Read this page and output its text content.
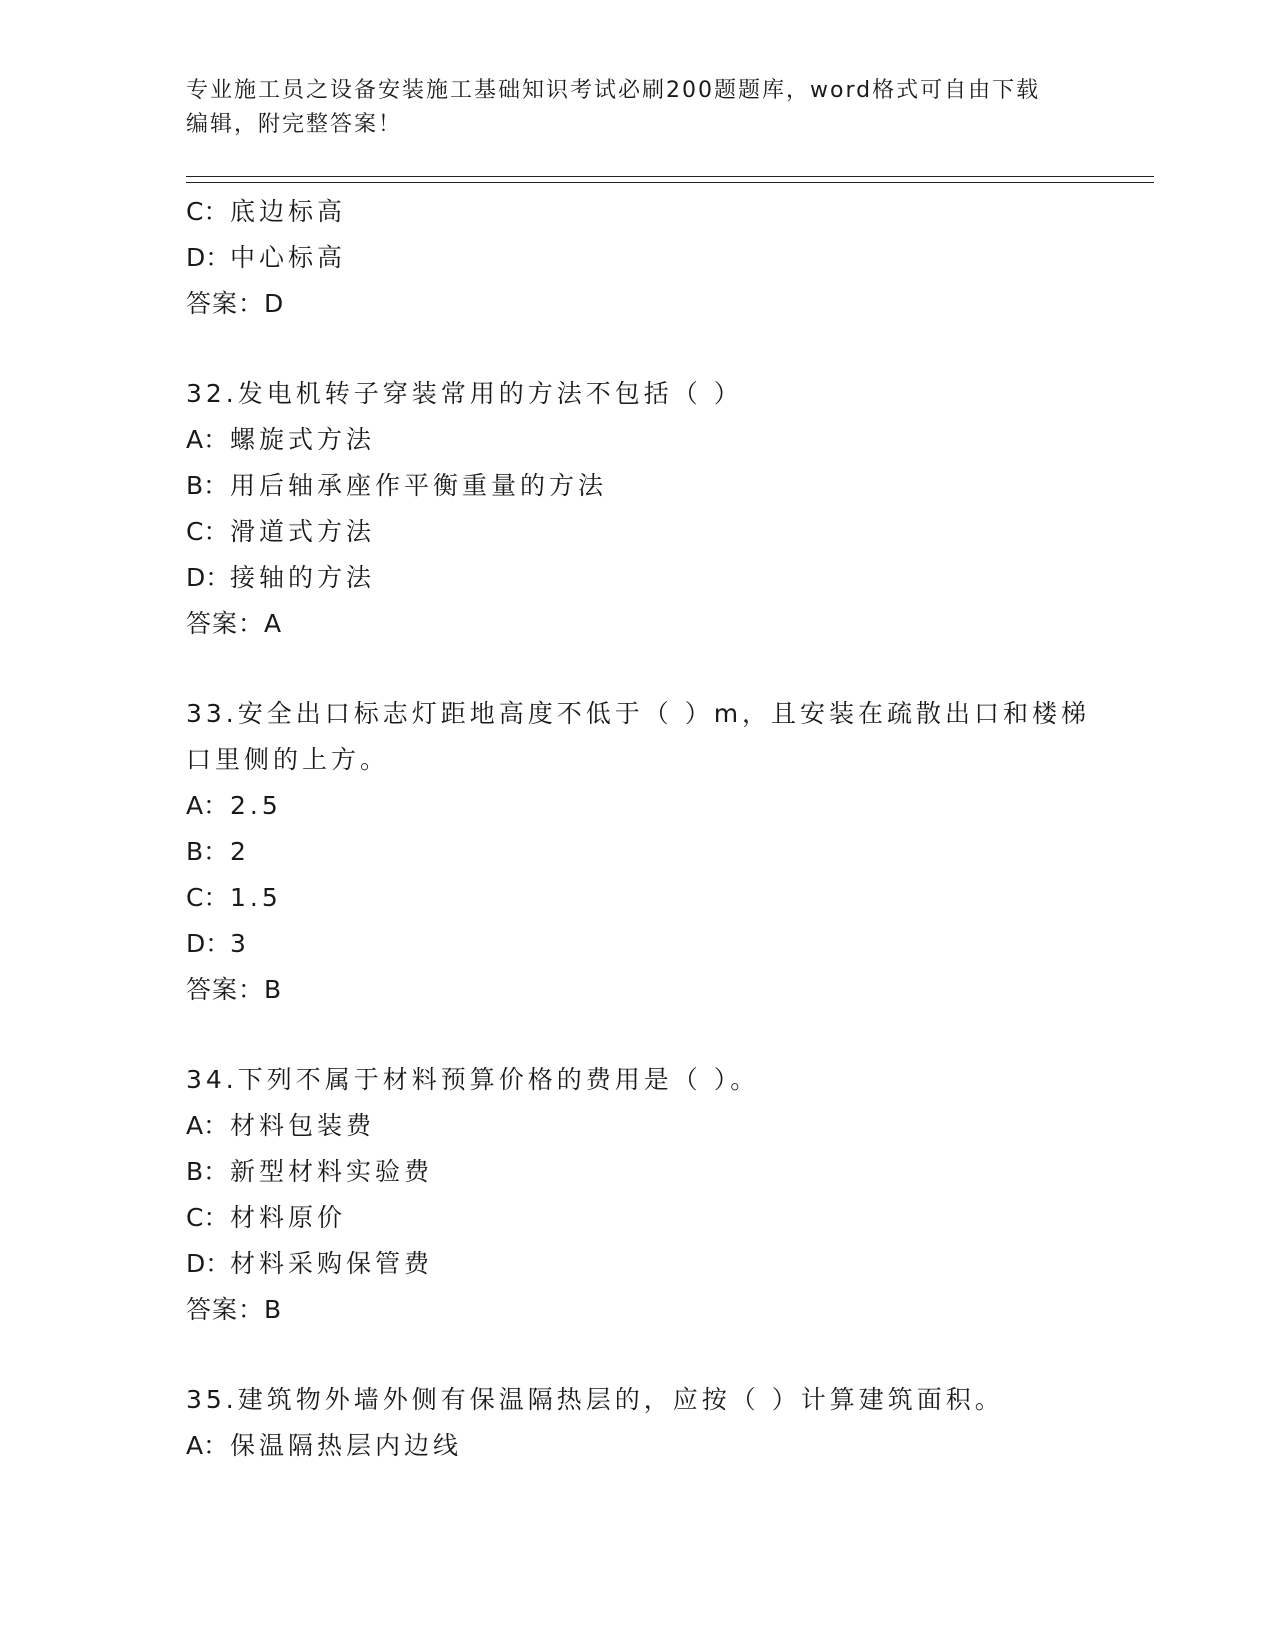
专业施工员之设备安装施工基础知识考试必刷200题题库，word格式可自由下载
编辑，附完整答案！
C：底边标高
D：中心标高
答案：D
32.发电机转子穿装常用的方法不包括（ ）
A：螺旋式方法
B：用后轴承座作平衡重量的方法
C：滑道式方法
D：接轴的方法
答案：A
33.安全出口标志灯距地高度不低于（ ）m，且安装在疏散出口和楼梯
口里侧的上方。
A：2.5
B：2
C：1.5
D：3
答案：B
34.下列不属于材料预算价格的费用是（ ）。
A：材料包装费
B：新型材料实验费
C：材料原价
D：材料采购保管费
答案：B
35.建筑物外墙外侧有保温隔热层的，应按（ ）计算建筑面积。
A：保温隔热层内边线
